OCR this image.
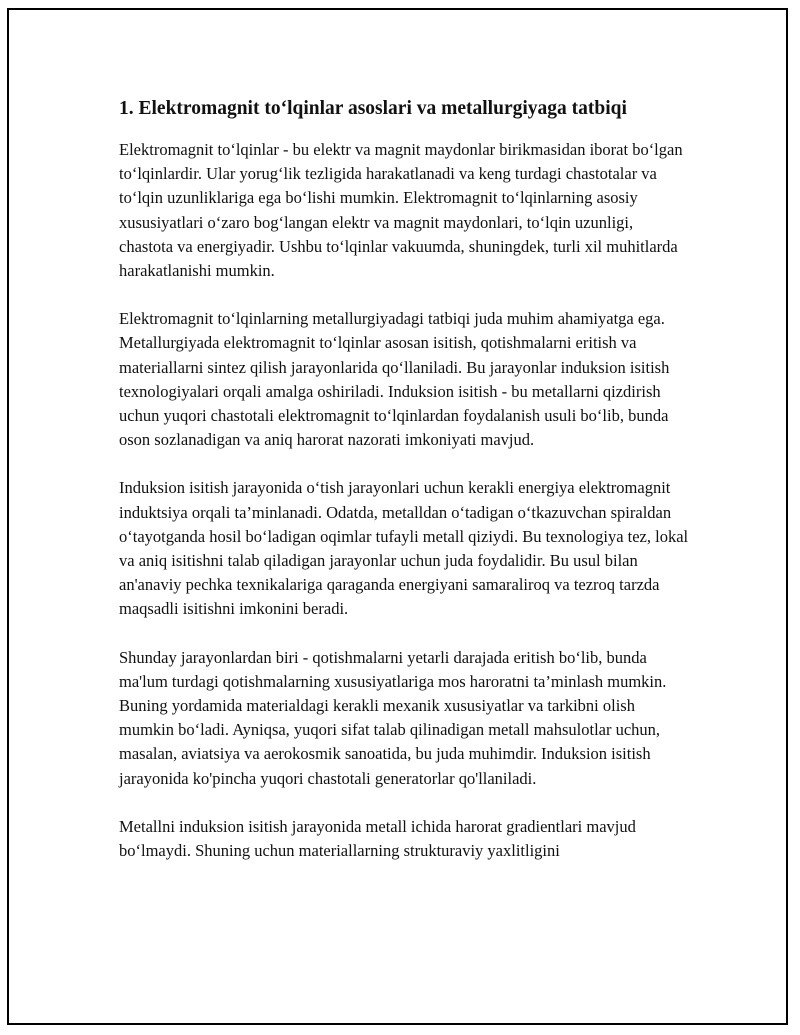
1. Elektromagnit to‘lqinlar asoslari va metallurgiyaga tatbiqi

Elektromagnit to‘lqinlar - bu elektr va magnit maydonlar birikmasidan iborat bo‘lgan to‘lqinlardir. Ular yorug‘lik tezligida harakatlanadi va keng turdagi chastotalar va to‘lqin uzunliklariga ega bo‘lishi mumkin. Elektromagnit to‘lqinlarning asosiy xususiyatlari o‘zaro bog‘langan elektr va magnit maydonlari, to‘lqin uzunligi, chastota va energiyadir. Ushbu to‘lqinlar vakuumda, shuningdek, turli xil muhitlarda harakatlanishi mumkin.

Elektromagnit to‘lqinlarning metallurgiyadagi tatbiqi juda muhim ahamiyatga ega. Metallurgiyada elektromagnit to‘lqinlar asosan isitish, qotishmalarni eritish va materiallarni sintez qilish jarayonlarida qo‘llaniladi. Bu jarayonlar induksion isitish texnologiyalari orqali amalga oshiriladi. Induksion isitish - bu metallarni qizdirish uchun yuqori chastotali elektromagnit to‘lqinlardan foydalanish usuli bo‘lib, bunda oson sozlanadigan va aniq harorat nazorati imkoniyati mavjud.

Induksion isitish jarayonida o‘tish jarayonlari uchun kerakli energiya elektromagnit induktsiya orqali ta’minlanadi. Odatda, metalldan o‘tadigan o‘tkazuvchan spiraldan o‘tayotganda hosil bo‘ladigan oqimlar tufayli metall qiziydi. Bu texnologiya tez, lokal va aniq isitishni talab qiladigan jarayonlar uchun juda foydalidir. Bu usul bilan an'anaviy pechka texnikalariga qaraganda energiyani samaraliroq va tezroq tarzda maqsadli isitishni imkonini beradi.

Shunday jarayonlardan biri - qotishmalarni yetarli darajada eritish bo‘lib, bunda ma'lum turdagi qotishmalarning xususiyatlariga mos haroratni ta’minlash mumkin. Buning yordamida materialdagi kerakli mexanik xususiyatlar va tarkibni olish mumkin bo‘ladi. Ayniqsa, yuqori sifat talab qilinadigan metall mahsulotlar uchun, masalan, aviatsiya va aerokosmik sanoatida, bu juda muhimdir. Induksion isitish jarayonida ko'pincha yuqori chastotali generatorlar qo'llaniladi.

Metallni induksion isitish jarayonida metall ichida harorat gradientlari mavjud bo‘lmaydi. Shuning uchun materiallarning strukturaviy yaxlitligini
